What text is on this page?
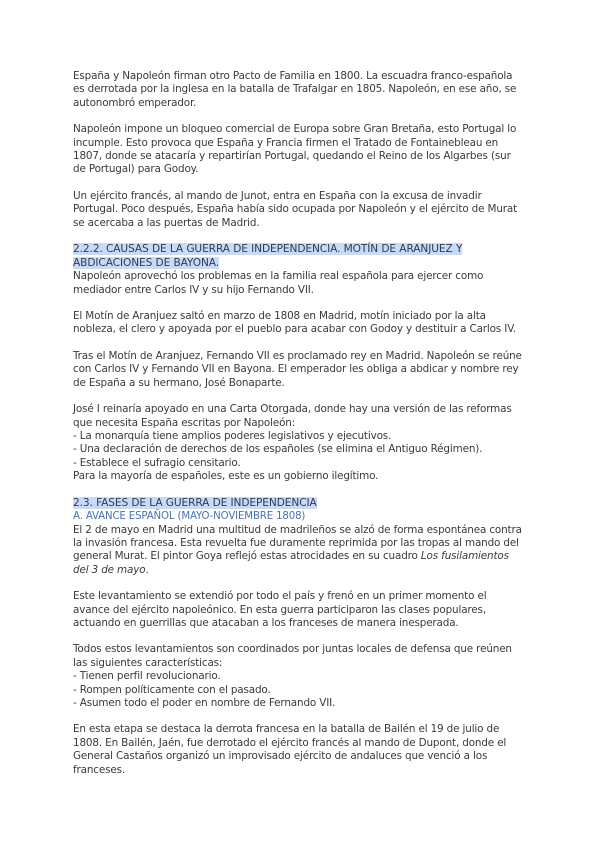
España y Napoleón firman otro Pacto de Familia en 1800. La escuadra franco-española es derrotada por la inglesa en la batalla de Trafalgar en 1805. Napoleón, en ese año, se autonombró emperador.

Napoleón impone un bloqueo comercial de Europa sobre Gran Bretaña, esto Portugal lo incumple. Esto provoca que España y Francia firmen el Tratado de Fontainebleau en 1807, donde se atacaría y repartirían Portugal, quedando el Reino de los Algarbes (sur de Portugal) para Godoy.

Un ejército francés, al mando de Junot, entra en España con la excusa de invadir Portugal. Poco después, España había sido ocupada por Napoleón y el ejército de Murat se acercaba a las puertas de Madrid.

2.2.2. CAUSAS DE LA GUERRA DE INDEPENDENCIA. MOTÍN DE ARANJUEZ Y ABDICACIONES DE BAYONA.

Napoleón aprovechó los problemas en la familia real española para ejercer como mediador entre Carlos IV y su hijo Fernando VII.

El Motín de Aranjuez saltó en marzo de 1808 en Madrid, motín iniciado por la alta nobleza, el clero y apoyada por el pueblo para acabar con Godoy y destituir a Carlos IV.

Tras el Motín de Aranjuez, Fernando VII es proclamado rey en Madrid. Napoleón se reúne con Carlos IV y Fernando VII en Bayona. El emperador les obliga a abdicar y nombre rey de España a su hermano, José Bonaparte.

José I reinaría apoyado en una Carta Otorgada, donde hay una versión de las reformas que necesita España escritas por Napoleón:

- La monarquía tiene amplios poderes legislativos y ejecutivos.

- Una declaración de derechos de los españoles (se elimina el Antiguo Régimen).

- Establece el sufragio censitario.

Para la mayoría de españoles, este es un gobierno ilegítimo.

2.3. FASES DE LA GUERRA DE INDEPENDENCIA

A. AVANCE ESPAÑOL (MAYO-NOVIEMBRE 1808)

El 2 de mayo en Madrid una multitud de madrileños se alzó de forma espontánea contra la invasión francesa. Esta revuelta fue duramente reprimida por las tropas al mando del general Murat. El pintor Goya reflejó estas atrocidades en su cuadro Los fusilamientos del 3 de mayo.

Este levantamiento se extendió por todo el país y frenó en un primer momento el avance del ejército napoleónico. En esta guerra participaron las clases populares, actuando en guerrillas que atacaban a los franceses de manera inesperada.

Todos estos levantamientos son coordinados por juntas locales de defensa que reúnen las siguientes características:

- Tienen perfil revolucionario.

- Rompen políticamente con el pasado.

- Asumen todo el poder en nombre de Fernando VII.

En esta etapa se destaca la derrota francesa en la batalla de Bailén el 19 de julio de 1808. En Bailén, Jaén, fue derrotado el ejército francés al mando de Dupont, donde el General Castaños organizó un improvisado ejército de andaluces que venció a los franceses.
